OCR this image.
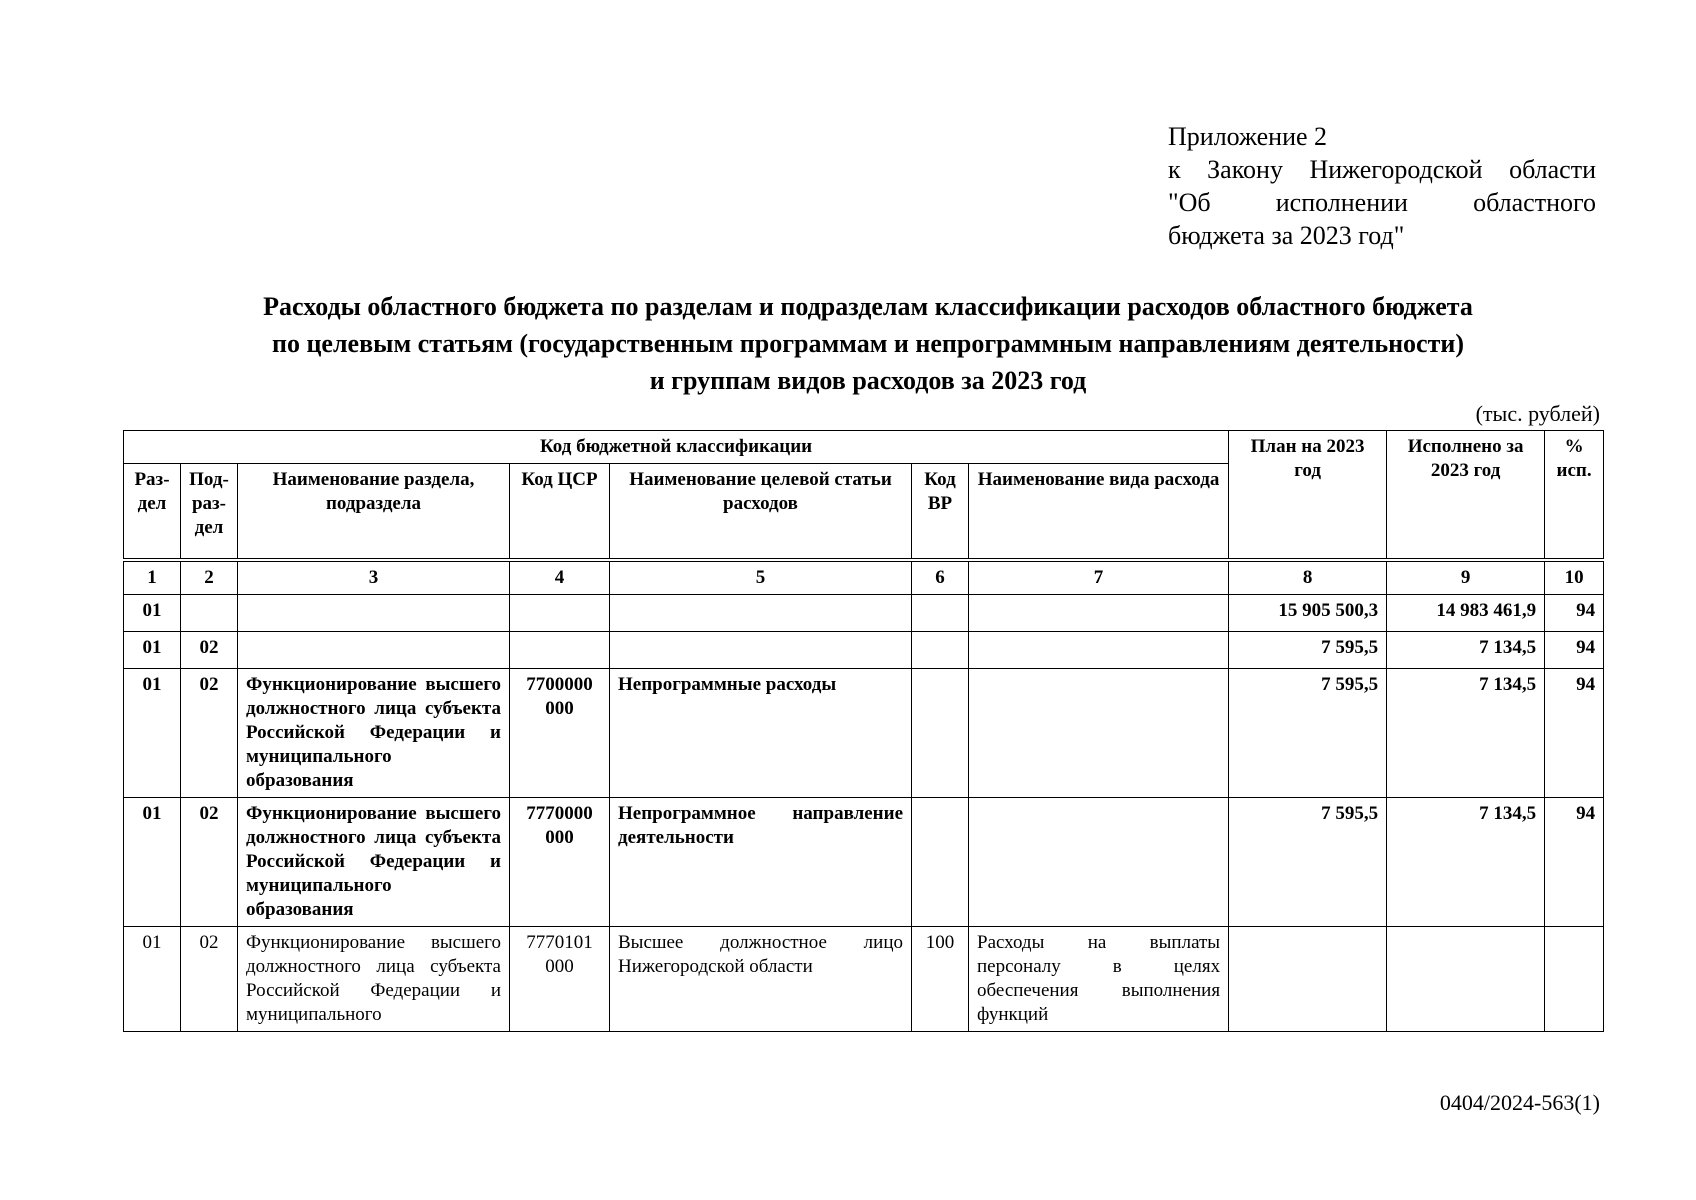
Приложение 2
к Закону Нижегородской области
"Об исполнении областного
бюджета за 2023 год"
Расходы областного бюджета по разделам и подразделам классификации расходов областного бюджета
по целевым статьям (государственным программам и непрограммным направлениям деятельности)
и группам видов расходов за 2023 год
(тыс. рублей)
Код бюджетной классификации							План на 2023 год	Исполнено за 2023 год	% исп.
Раз- дел	Под- раз- дел	Наименование раздела, подраздела	Код ЦСР	Наименование целевой статьи расходов	Код ВР	Наименование вида расхода			
1	2	3	4	5	6	7	8	9	10
01							15 905 500,3	14 983 461,9	94
01	02						7 595,5	7 134,5	94
01	02	Функционирование высшего должностного лица субъекта Российской Федерации и муниципального образования	7700000 000	Непрограммные расходы			7 595,5	7 134,5	94
01	02	Функционирование высшего должностного лица субъекта Российской Федерации и муниципального образования	7770000 000	Непрограммное направление деятельности			7 595,5	7 134,5	94
01	02	Функционирование высшего должностного лица субъекта Российской Федерации и муниципального	7770101 000	Высшее должностное лицо Нижегородской области	100	Расходы на выплаты персоналу в целях обеспечения выполнения функций			
0404/2024-563(1)
